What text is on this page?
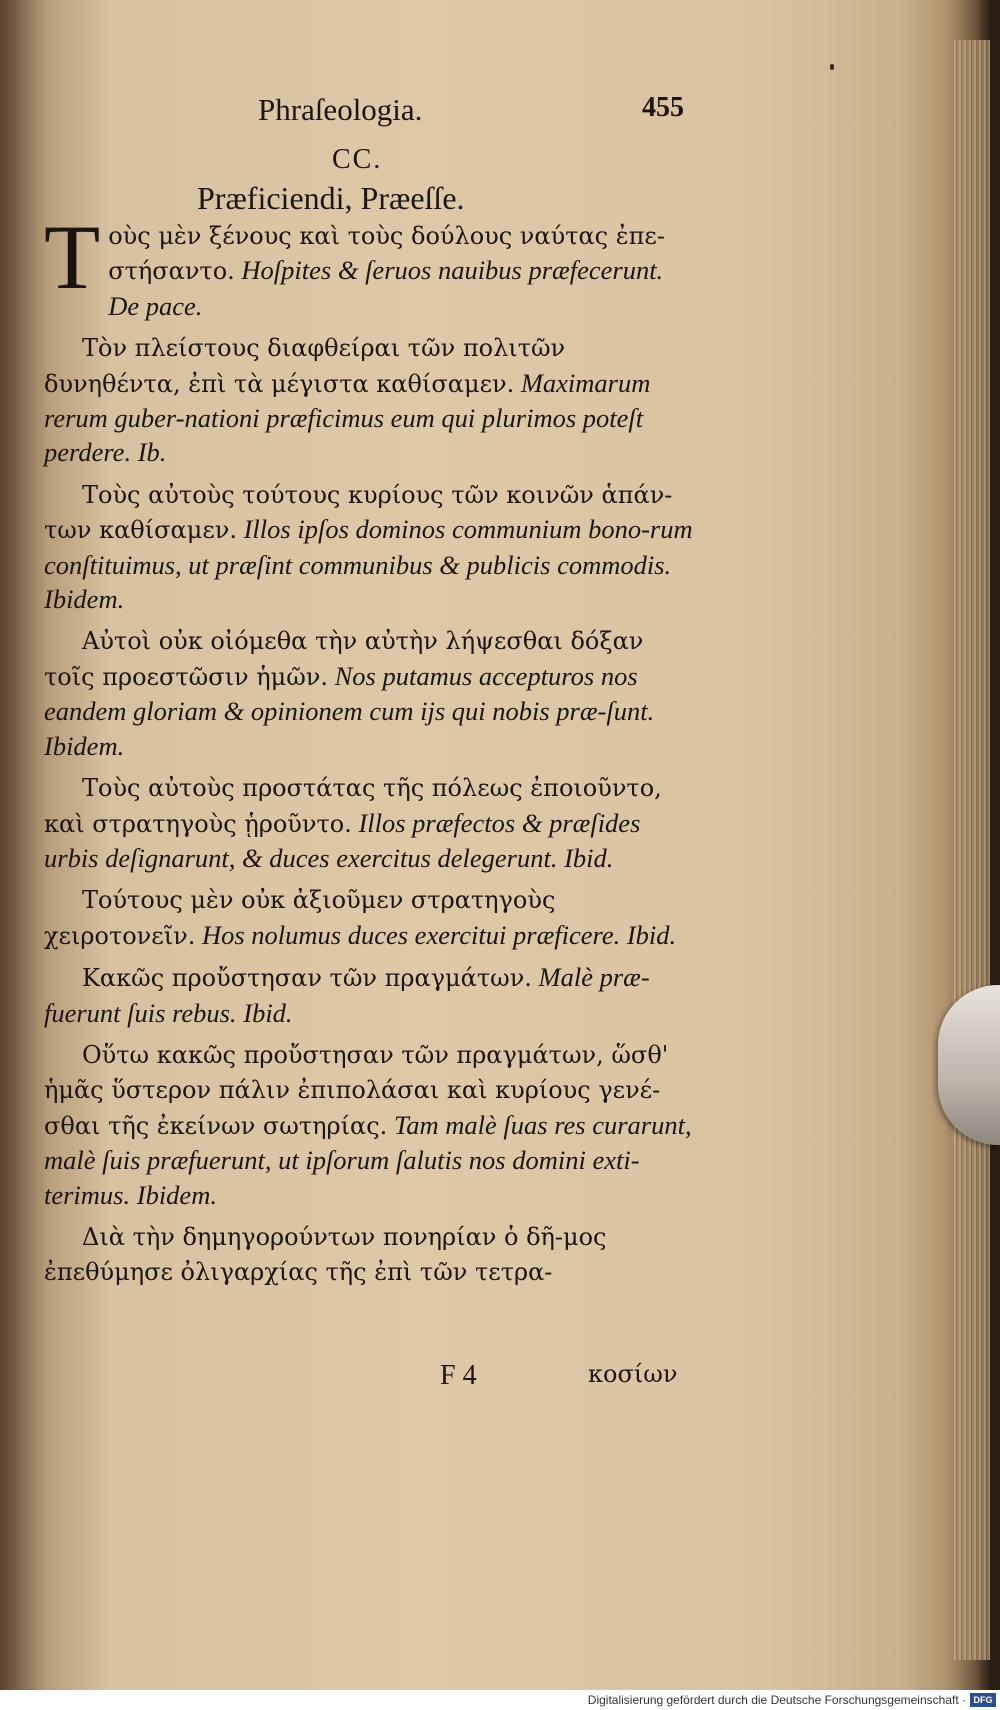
Phraſeologia.	455
CC.
Præficiendi, Præeſſe.

T οὺς μὲν ξένους καὶ τοὺς δούλους ναύτας ἐπε-στήσαντο. Hoſpites & ſeruos nauibus præfecerunt. De pace.

Τὸν πλείστους διαφθείραι τῶν πολιτῶν δυνηθέντα, ἐπὶ τὰ μέγιστα καθίσαμεν. Maximarum rerum guber-nationi præficimus eum qui plurimos poteſt perdere. Ib.

Τοὺς αὐτοὺς τούτους κυρίους τῶν κοινῶν ἁπάν-των καθίσαμεν. Illos ipſos dominos communium bono-rum conſtituimus, ut præſint communibus & publicis commodis. Ibidem.

Αὐτοὶ οὐκ οἰόμεθα τὴν αὐτὴν λήψεσθαι δόξαν τοῖς προεστῶσιν ἡμῶν. Nos putamus accepturos nos eandem gloriam & opinionem cum ijs qui nobis præ-ſunt. Ibidem.

Τοὺς αὐτοὺς προστάτας τῆς πόλεως ἐποιοῦντο, καὶ στρατηγοὺς ᾑροῦντο. Illos præfectos & præſides urbis deſignarunt, & duces exercitus delegerunt. Ibid.

Τούτους μὲν οὐκ ἀξιοῦμεν στρατηγοὺς χειροτονεῖν. Hos nolumus duces exercitui præficere. Ibid.

Κακῶς προὔστησαν τῶν πραγμάτων. Malè præ-fuerunt ſuis rebus. Ibid.

Οὕτω κακῶς προὔστησαν τῶν πραγμάτων, ὥσθ' ἡμᾶς ὕστερον πάλιν ἐπιπολάσαι καὶ κυρίους γενέ-σθαι τῆς ἐκείνων σωτηρίας. Tam malè ſuas res curarunt, malè ſuis præfuerunt, ut ipſorum ſalutis nos domini exti-terimus. Ibidem.

Διὰ τὴν δημηγορούντων πονηρίαν ὁ δῆ-μος ἐπεθύμησε ὀλιγαρχίας τῆς ἐπὶ τῶν τετρα-

F 4	κοσίων
Digitalisierung gefördert durch die Deutsche Forschungsgemeinschaft · DFG
